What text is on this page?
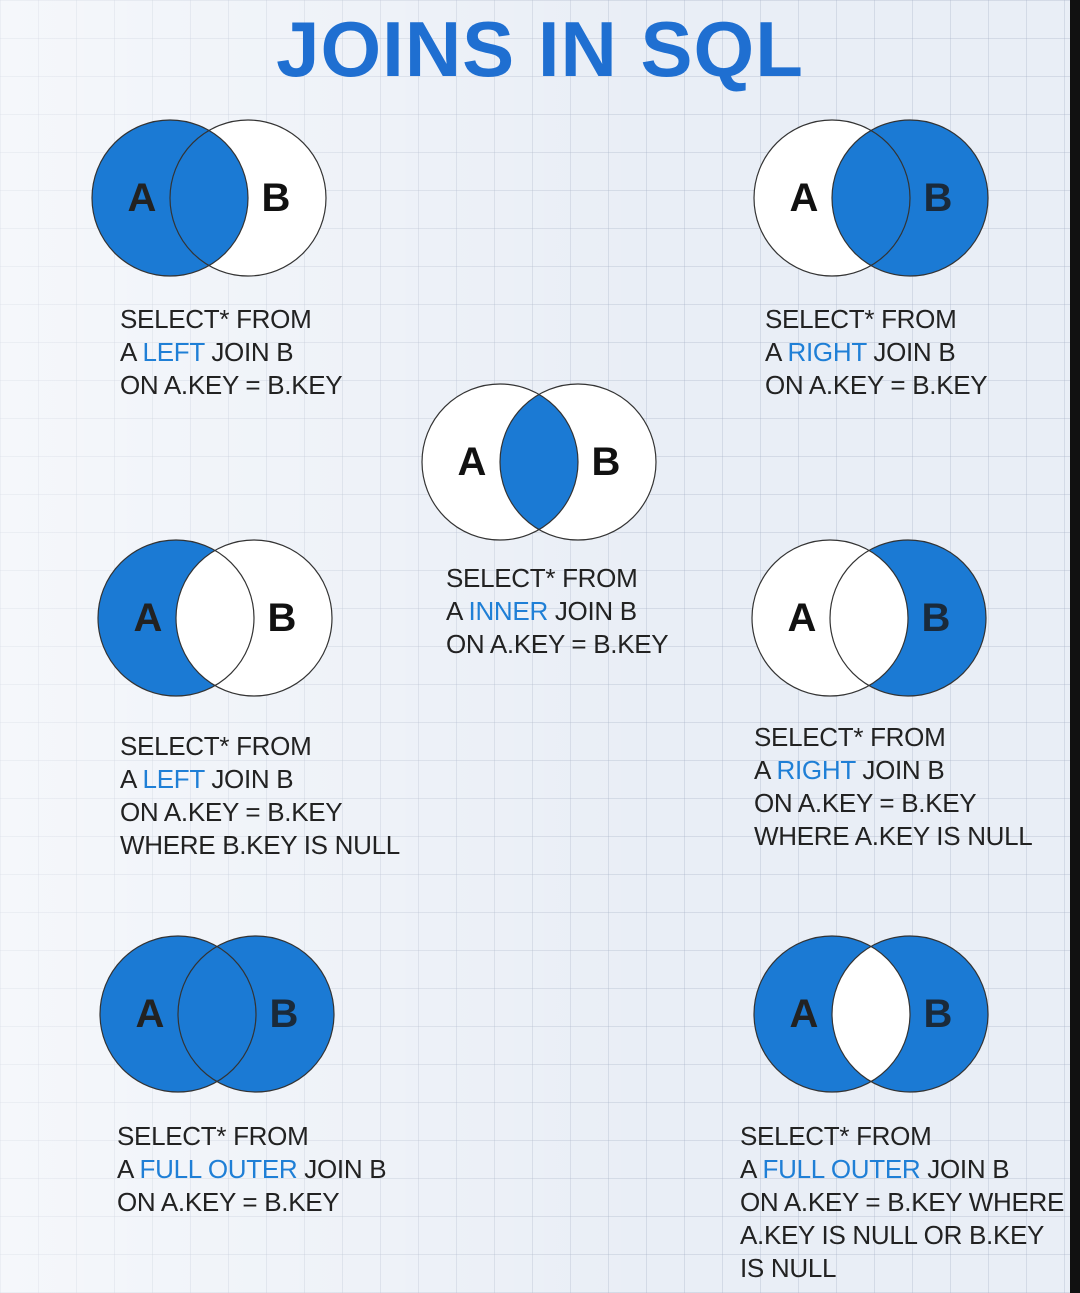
JOINS IN SQL
A	B	A	B
A	B
A	B	A	B
A	B	A	B
SELECT* FROM
A LEFT JOIN B
ON A.KEY = B.KEY
SELECT* FROM
A RIGHT JOIN B
ON A.KEY = B.KEY
SELECT* FROM
A INNER JOIN B
ON A.KEY = B.KEY
SELECT* FROM
A LEFT JOIN B
ON A.KEY = B.KEY
WHERE B.KEY IS NULL
SELECT* FROM
A RIGHT JOIN B
ON A.KEY = B.KEY
WHERE A.KEY IS NULL
SELECT* FROM
A FULL OUTER JOIN B
ON A.KEY = B.KEY
SELECT* FROM
A FULL OUTER JOIN B
ON A.KEY = B.KEY WHERE
A.KEY IS NULL OR B.KEY
IS NULL
